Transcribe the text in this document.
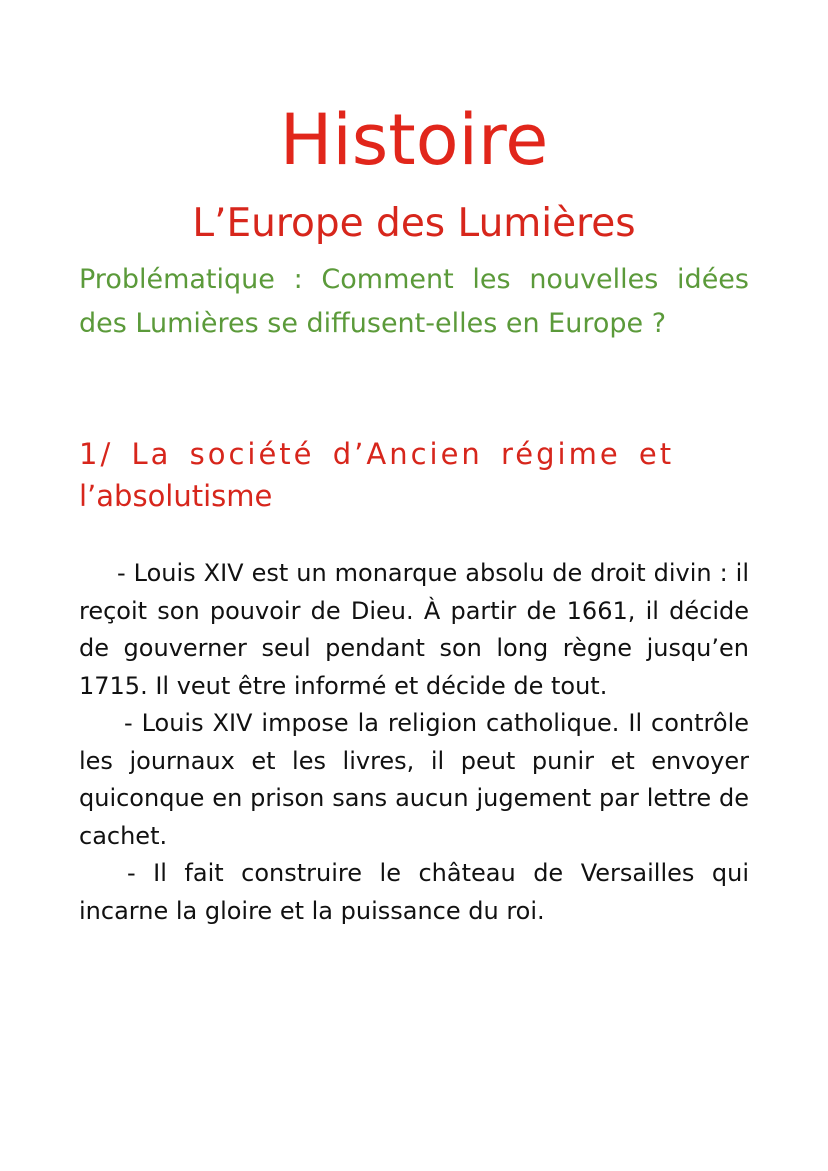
Histoire
L’Europe des Lumières

Problématique : Comment les nouvelles idées des Lumières se diffusent-elles en Europe ?

1/ La société d’Ancien régime et
l’absolutisme

- Louis XIV est un monarque absolu de droit divin : il reçoit son pouvoir de Dieu. À partir de 1661, il décide de gouverner seul pendant son long règne jusqu’en 1715. Il veut être informé et décide de tout.

- Louis XIV impose la religion catholique. Il contrôle les journaux et les livres, il peut punir et envoyer quiconque en prison sans aucun jugement par lettre de cachet.

- Il fait construire le château de Versailles qui incarne la gloire et la puissance du roi.
